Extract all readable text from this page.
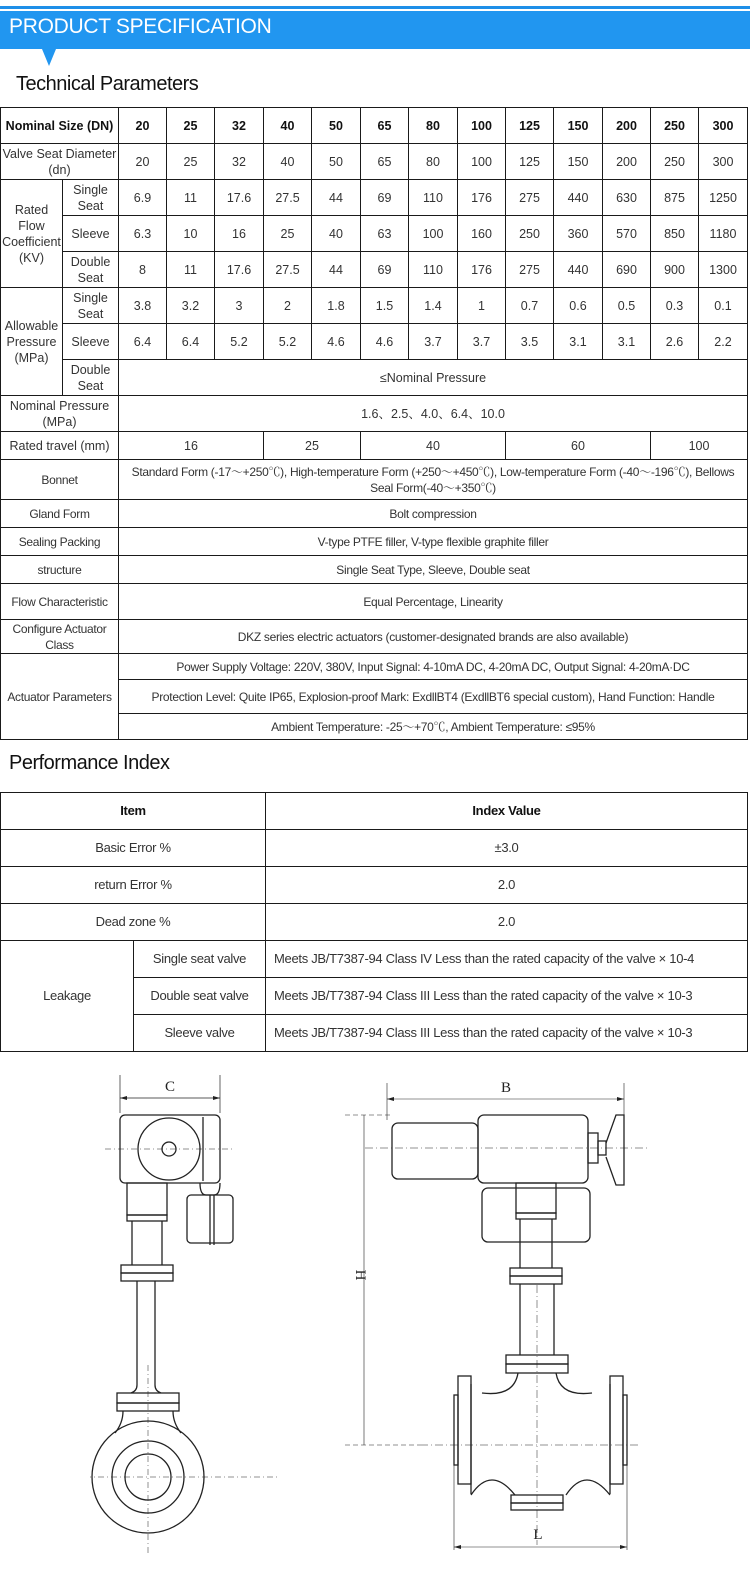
PRODUCT SPECIFICATION
Technical Parameters
Nominal Size (DN)		20	25	32	40	50	65	80	100	125	150	200	250	300
Valve Seat Diameter (dn)		20	25	32	40	50	65	80	100	125	150	200	250	300
Rated Flow Coefficient (KV)	Single Seat	6.9	11	17.6	27.5	44	69	110	176	275	440	630	875	1250
	Sleeve	6.3	10	16	25	40	63	100	160	250	360	570	850	1180
	Double Seat	8	11	17.6	27.5	44	69	110	176	275	440	690	900	1300
Allowable Pressure (MPa)	Single Seat	3.8	3.2	3	2	1.8	1.5	1.4	1	0.7	0.6	0.5	0.3	0.1
	Sleeve	6.4	6.4	5.2	5.2	4.6	4.6	3.7	3.7	3.5	3.1	3.1	2.6	2.2
	Double Seat	≤Nominal Pressure												
Nominal Pressure (MPa)		1.6、2.5、4.0、6.4、10.0												
Rated travel (mm)		16			25		40			60			100	
Bonnet		Standard Form (-17～+250℃), High-temperature Form (+250～+450℃), Low-temperature Form (-40～-196℃), Bellows Seal Form(-40～+350℃)												
Gland Form		Bolt compression												
Sealing Packing		V-type PTFE filler, V-type flexible graphite filler												
structure		Single Seat Type, Sleeve, Double seat												
Flow Characteristic		Equal Percentage, Linearity												
Configure Actuator Class		DKZ series electric actuators (customer-designated brands are also available)												
Actuator Parameters		Power Supply Voltage: 220V, 380V, Input Signal: 4-10mA DC, 4-20mA DC, Output Signal: 4-20mA·DC												
		Protection Level: Quite IP65, Explosion-proof Mark: ExdllBT4 (ExdllBT6 special custom), Hand Function: Handle												
		Ambient Temperature: -25～+70℃, Ambient Temperature: ≤95%												
Performance Index
Item		Index Value
Basic Error %		±3.0
return Error %		2.0
Dead zone %		2.0
Leakage	Single seat valve	Meets JB/T7387-94 Class IV Less than the rated capacity of the valve × 10-4
	Double seat valve	Meets JB/T7387-94 Class III Less than the rated capacity of the valve × 10-3
	Sleeve valve	Meets JB/T7387-94 Class III Less than the rated capacity of the valve × 10-3
C	B
H
L
